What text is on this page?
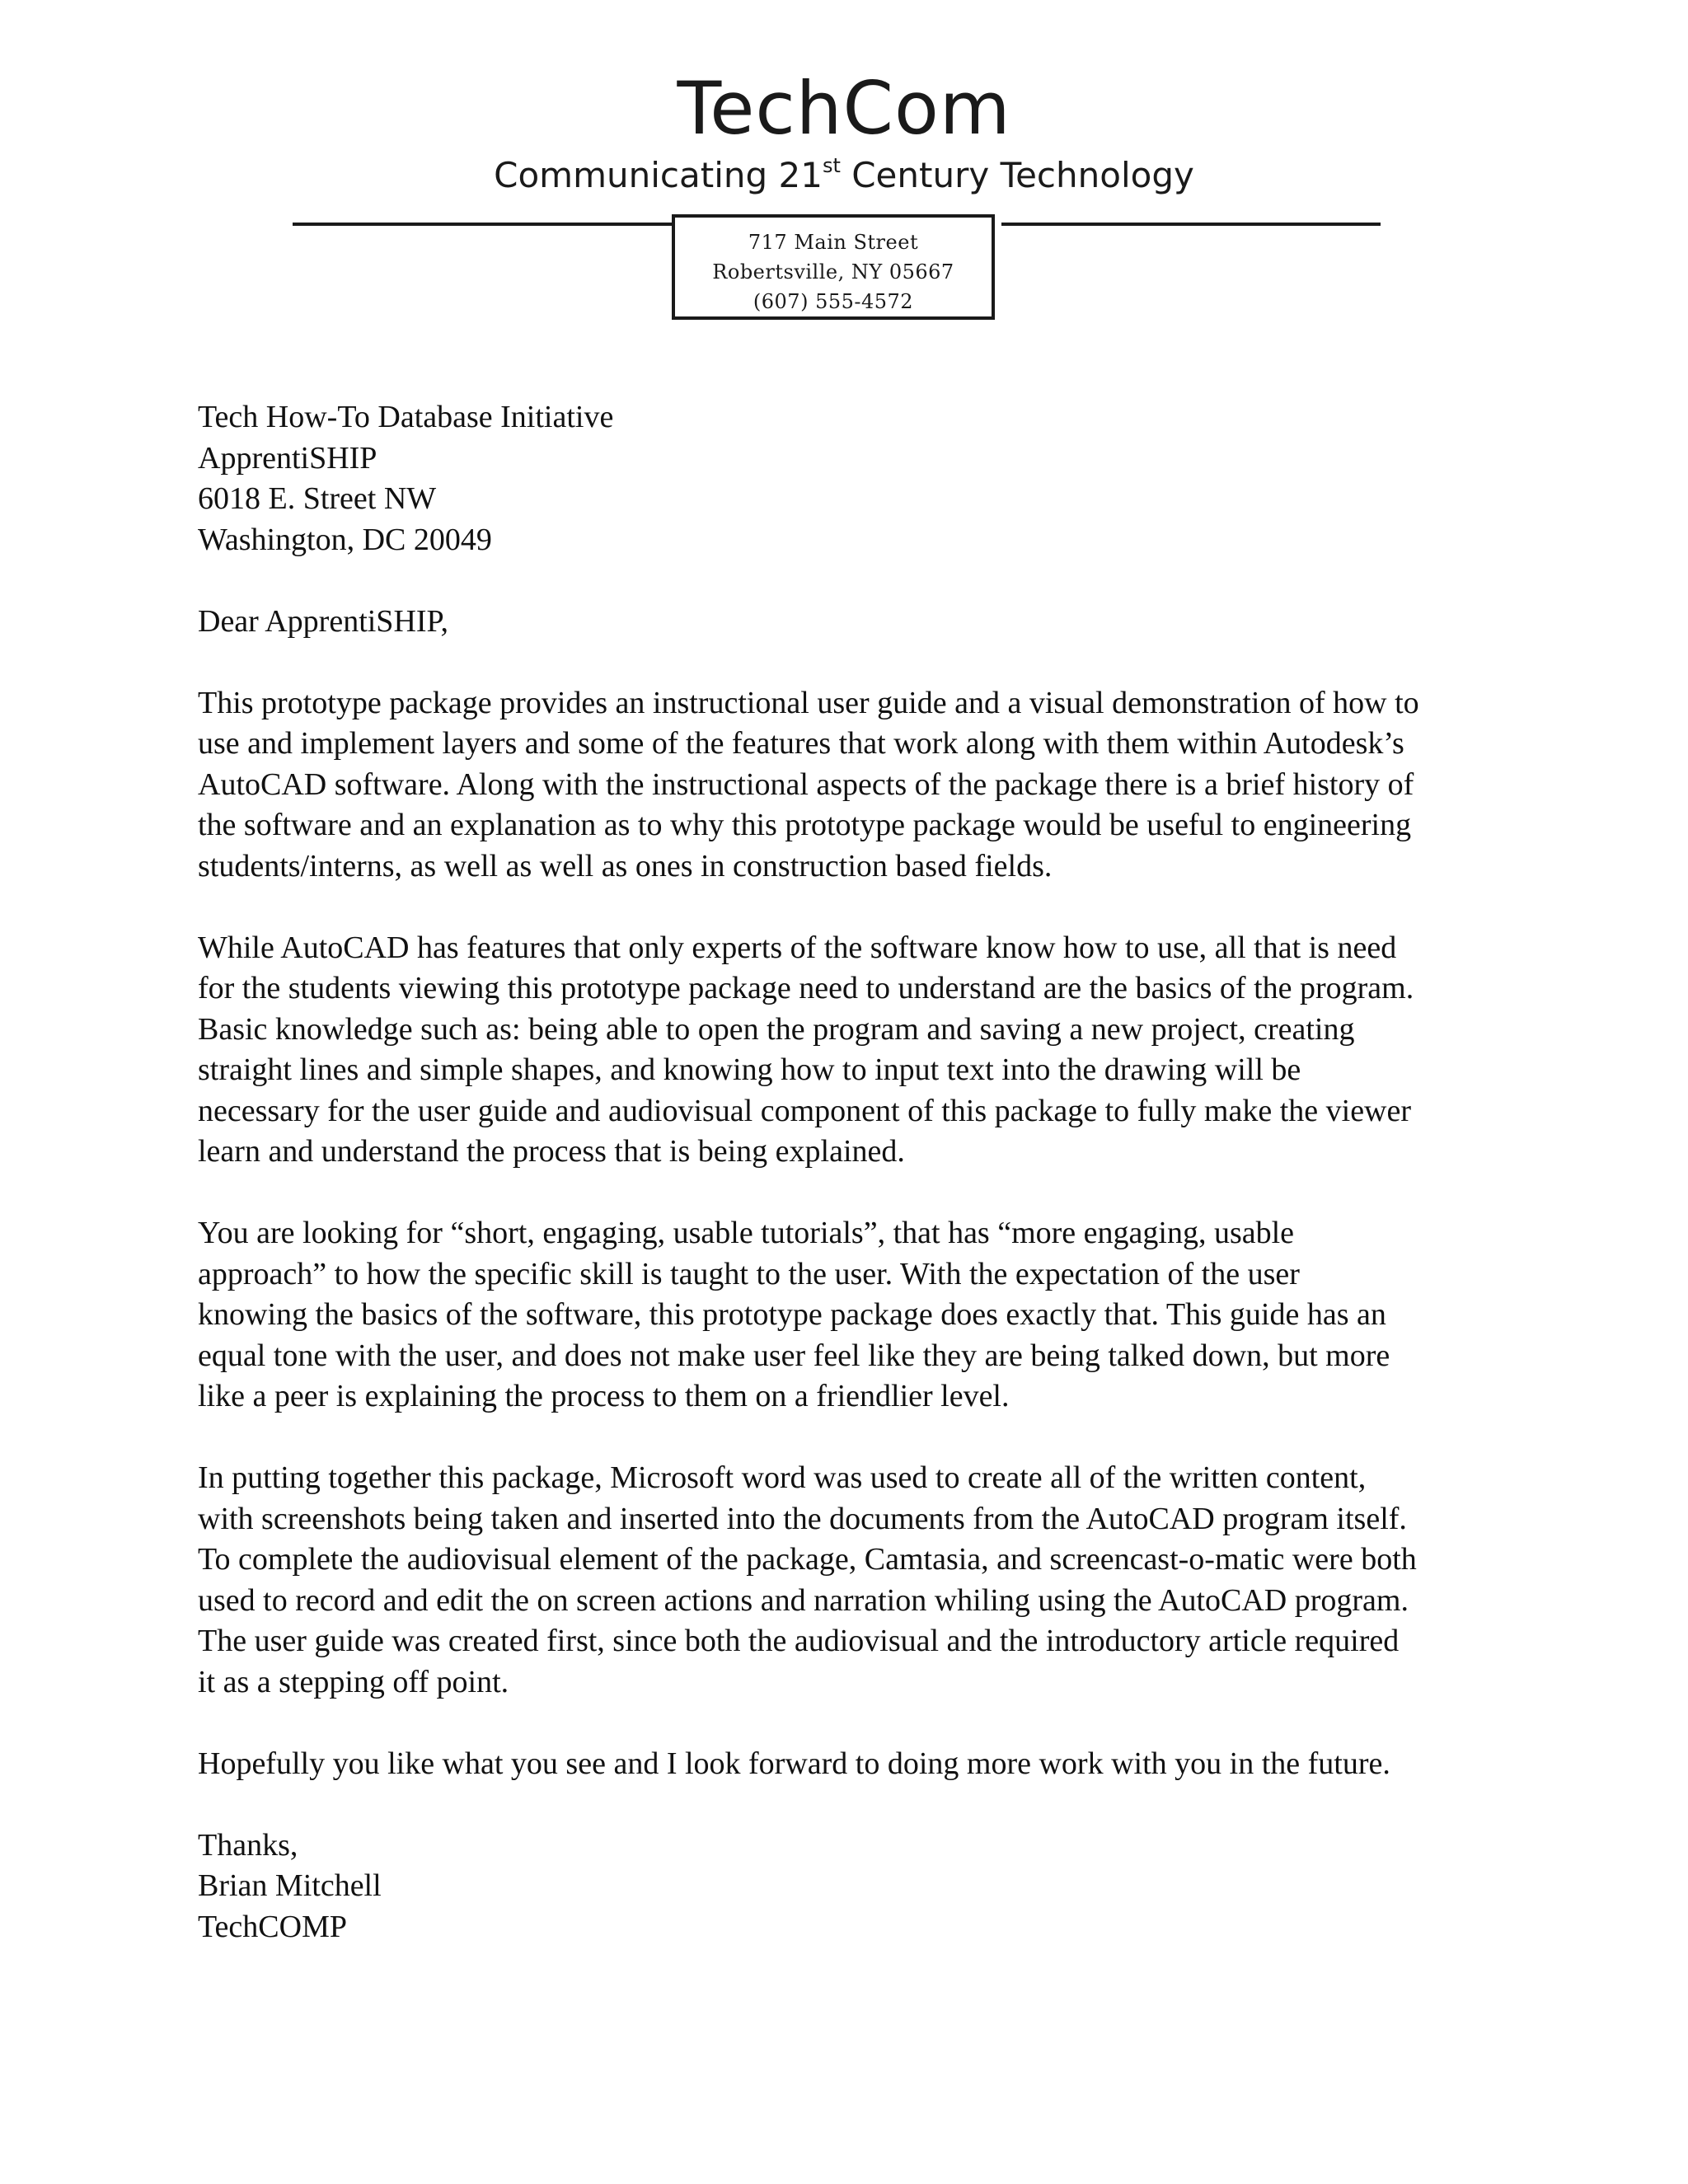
TechCom
Communicating 21st Century Technology
717 Main Street
Robertsville, NY 05667
(607) 555-4572

Tech How-To Database Initiative
ApprentiSHIP
6018 E. Street NW
Washington, DC 20049

Dear ApprentiSHIP,

This prototype package provides an instructional user guide and a visual demonstration of how to
use and implement layers and some of the features that work along with them within Autodesk’s
AutoCAD software. Along with the instructional aspects of the package there is a brief history of
the software and an explanation as to why this prototype package would be useful to engineering
students/interns, as well as well as ones in construction based fields.

While AutoCAD has features that only experts of the software know how to use, all that is need
for the students viewing this prototype package need to understand are the basics of the program.
Basic knowledge such as: being able to open the program and saving a new project, creating
straight lines and simple shapes, and knowing how to input text into the drawing will be
necessary for the user guide and audiovisual component of this package to fully make the viewer
learn and understand the process that is being explained.

You are looking for “short, engaging, usable tutorials”, that has “more engaging, usable
approach” to how the specific skill is taught to the user. With the expectation of the user
knowing the basics of the software, this prototype package does exactly that. This guide has an
equal tone with the user, and does not make user feel like they are being talked down, but more
like a peer is explaining the process to them on a friendlier level.

In putting together this package, Microsoft word was used to create all of the written content,
with screenshots being taken and inserted into the documents from the AutoCAD program itself.
To complete the audiovisual element of the package, Camtasia, and screencast-o-matic were both
used to record and edit the on screen actions and narration whiling using the AutoCAD program.
The user guide was created first, since both the audiovisual and the introductory article required
it as a stepping off point.

Hopefully you like what you see and I look forward to doing more work with you in the future.

Thanks,
Brian Mitchell
TechCOMP
